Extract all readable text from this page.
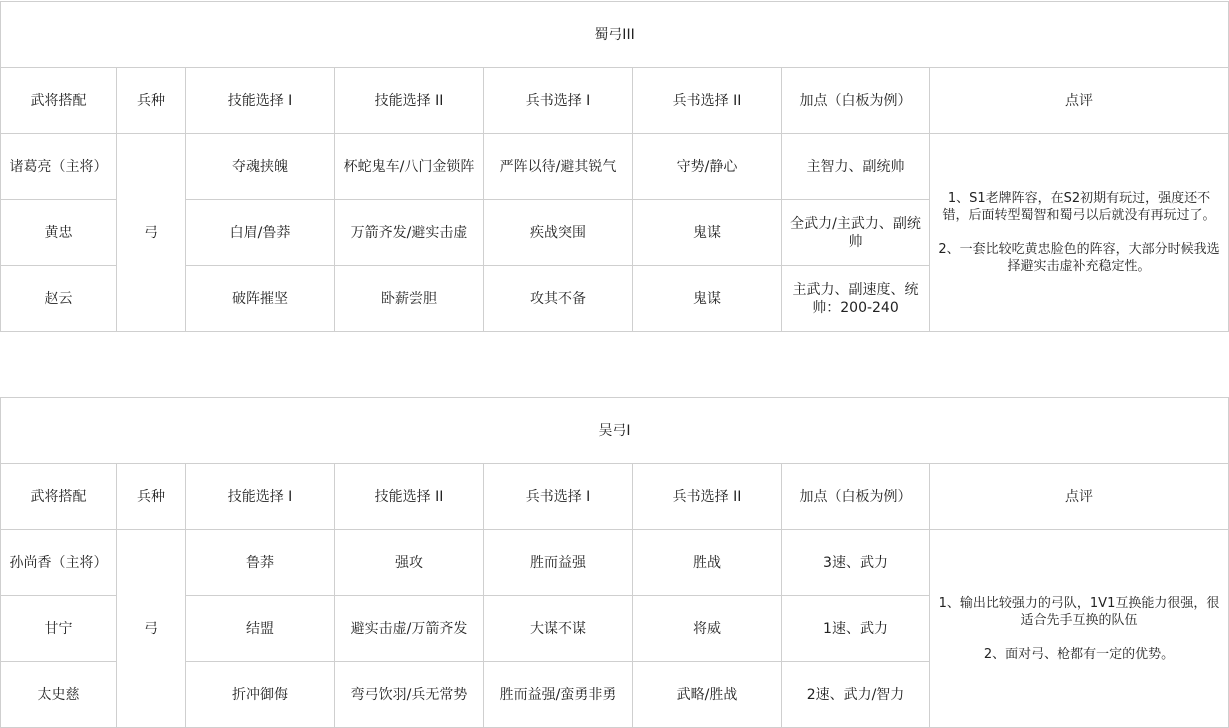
蜀弓III							
武将搭配	兵种	技能选择 I	技能选择 II	兵书选择 I	兵书选择 II	加点（白板为例）	点评
诸葛亮（主将）	弓	夺魂挟魄	杯蛇鬼车/八门金锁阵	严阵以待/避其锐气	守势/静心	主智力、副统帅	1、S1老牌阵容，在S2初期有玩过，强度还不错，后面转型蜀智和蜀弓以后就没有再玩过了。

2、一套比较吃黄忠脸色的阵容，大部分时候我选择避实击虚补充稳定性。

黄忠		白眉/鲁莽	万箭齐发/避实击虚	疾战突围	鬼谋	全武力/主武力、副统帅	
赵云		破阵摧坚	卧薪尝胆	攻其不备	鬼谋	主武力、副速度、统帅：200-240	
吴弓I							
武将搭配	兵种	技能选择 I	技能选择 II	兵书选择 I	兵书选择 II	加点（白板为例）	点评
孙尚香（主将）	弓	鲁莽	强攻	胜而益强	胜战	3速、武力	1、输出比较强力的弓队，1V1互换能力很强，很适合先手互换的队伍

2、面对弓、枪都有一定的优势。

甘宁		结盟	避实击虚/万箭齐发	大谋不谋	将威	1速、武力	
太史慈		折冲御侮	弯弓饮羽/兵无常势	胜而益强/蛮勇非勇	武略/胜战	2速、武力/智力	
